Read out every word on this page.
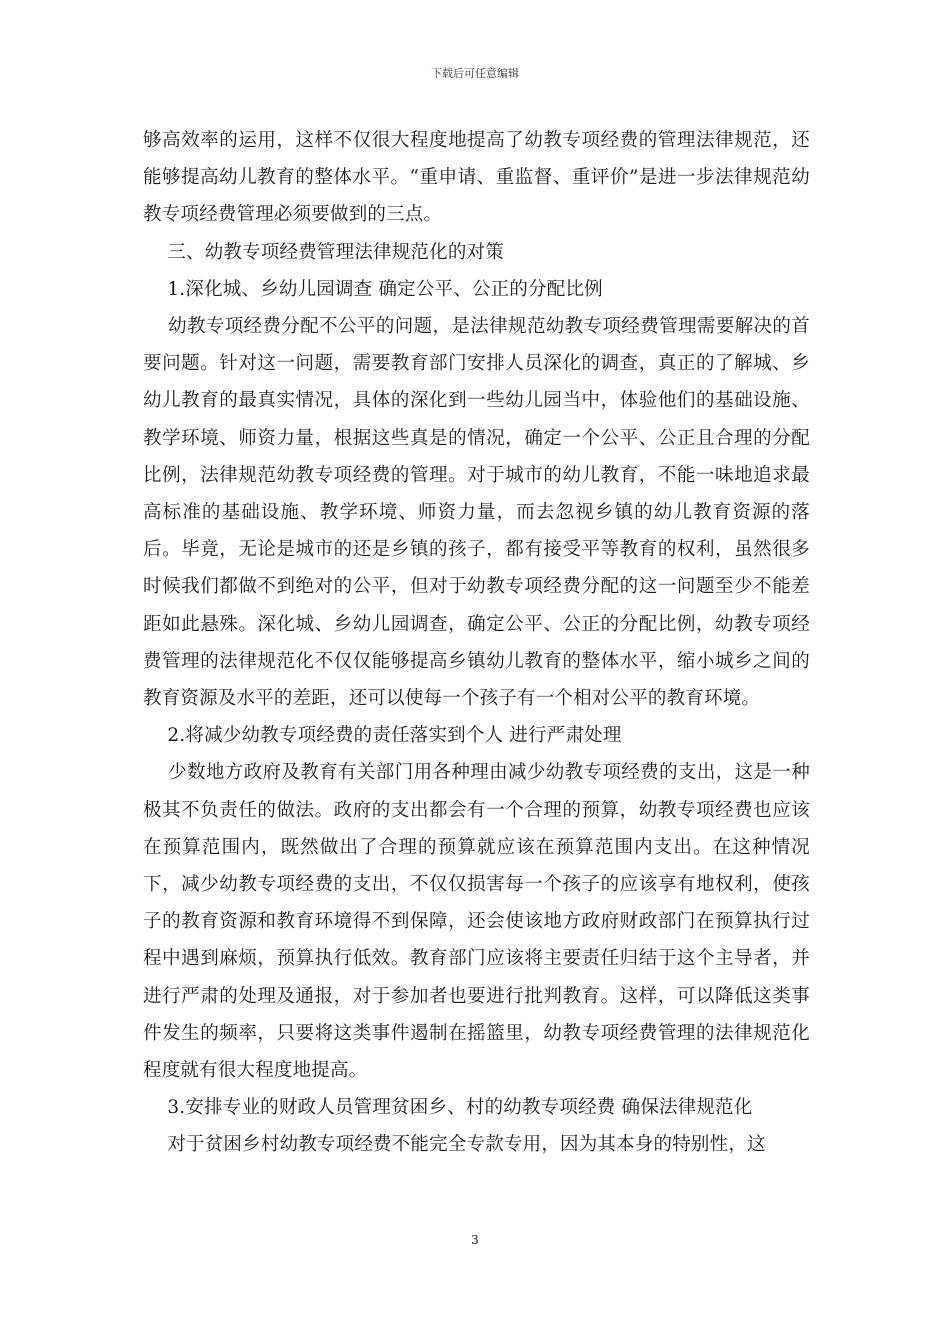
下载后可任意编辑

够高效率的运用，这样不仅很大程度地提高了幼教专项经费的管理法律规范，还能够提高幼儿教育的整体水平。“重申请、重监督、重评价”是进一步法律规范幼教专项经费管理必须要做到的三点。

三、幼教专项经费管理法律规范化的对策

1.深化城、乡幼儿园调查 确定公平、公正的分配比例

幼教专项经费分配不公平的问题，是法律规范幼教专项经费管理需要解决的首要问题。针对这一问题，需要教育部门安排人员深化的调查，真正的了解城、乡幼儿教育的最真实情况，具体的深化到一些幼儿园当中，体验他们的基础设施、教学环境、师资力量，根据这些真是的情况，确定一个公平、公正且合理的分配比例，法律规范幼教专项经费的管理。对于城市的幼儿教育，不能一味地追求最高标准的基础设施、教学环境、师资力量，而去忽视乡镇的幼儿教育资源的落后。毕竟，无论是城市的还是乡镇的孩子，都有接受平等教育的权利，虽然很多时候我们都做不到绝对的公平，但对于幼教专项经费分配的这一问题至少不能差距如此悬殊。深化城、乡幼儿园调查，确定公平、公正的分配比例，幼教专项经费管理的法律规范化不仅仅能够提高乡镇幼儿教育的整体水平，缩小城乡之间的教育资源及水平的差距，还可以使每一个孩子有一个相对公平的教育环境。

2.将减少幼教专项经费的责任落实到个人 进行严肃处理

少数地方政府及教育有关部门用各种理由减少幼教专项经费的支出，这是一种极其不负责任的做法。政府的支出都会有一个合理的预算，幼教专项经费也应该在预算范围内，既然做出了合理的预算就应该在预算范围内支出。在这种情况下，减少幼教专项经费的支出，不仅仅损害每一个孩子的应该享有地权利，使孩子的教育资源和教育环境得不到保障，还会使该地方政府财政部门在预算执行过程中遇到麻烦，预算执行低效。教育部门应该将主要责任归结于这个主导者，并进行严肃的处理及通报，对于参加者也要进行批判教育。这样，可以降低这类事件发生的频率，只要将这类事件遏制在摇篮里，幼教专项经费管理的法律规范化程度就有很大程度地提高。

3.安排专业的财政人员管理贫困乡、村的幼教专项经费 确保法律规范化

对于贫困乡村幼教专项经费不能完全专款专用，因为其本身的特别性，这

3
